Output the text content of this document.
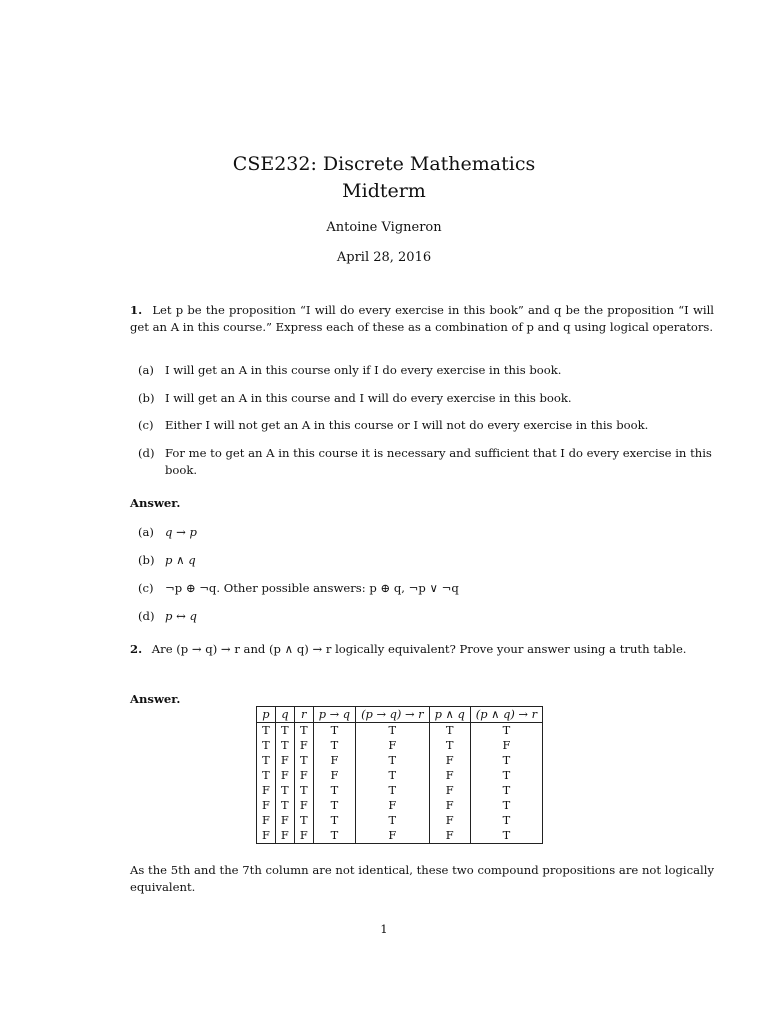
CSE232: Discrete Mathematics
Midterm
Antoine Vigneron
April 28, 2016
1. Let p be the proposition “I will do every exercise in this book” and q be the proposition “I will get an A in this course.” Express each of these as a combination of p and q using logical operators.
(a) I will get an A in this course only if I do every exercise in this book.
(b) I will get an A in this course and I will do every exercise in this book.
(c) Either I will not get an A in this course or I will not do every exercise in this book.
(d) For me to get an A in this course it is necessary and sufficient that I do every exercise in this book.
Answer.
(a) q → p
(b) p ∧ q
(c) ¬p ⊕ ¬q. Other possible answers: p ⊕ q, ¬p ∨ ¬q
(d) p ↔ q
2. Are (p → q) → r and (p ∧ q) → r logically equivalent? Prove your answer using a truth table.
Answer.
p	q	r	p → q	(p → q) → r	p ∧ q	(p ∧ q) → r
T	T	T	T	T	T	T
T	T	F	T	F	T	F
T	F	T	F	T	F	T
T	F	F	F	T	F	T
F	T	T	T	T	F	T
F	T	F	T	F	F	T
F	F	T	T	T	F	T
F	F	F	T	F	F	T
As the 5th and the 7th column are not identical, these two compound propositions are not logically equivalent.
1
